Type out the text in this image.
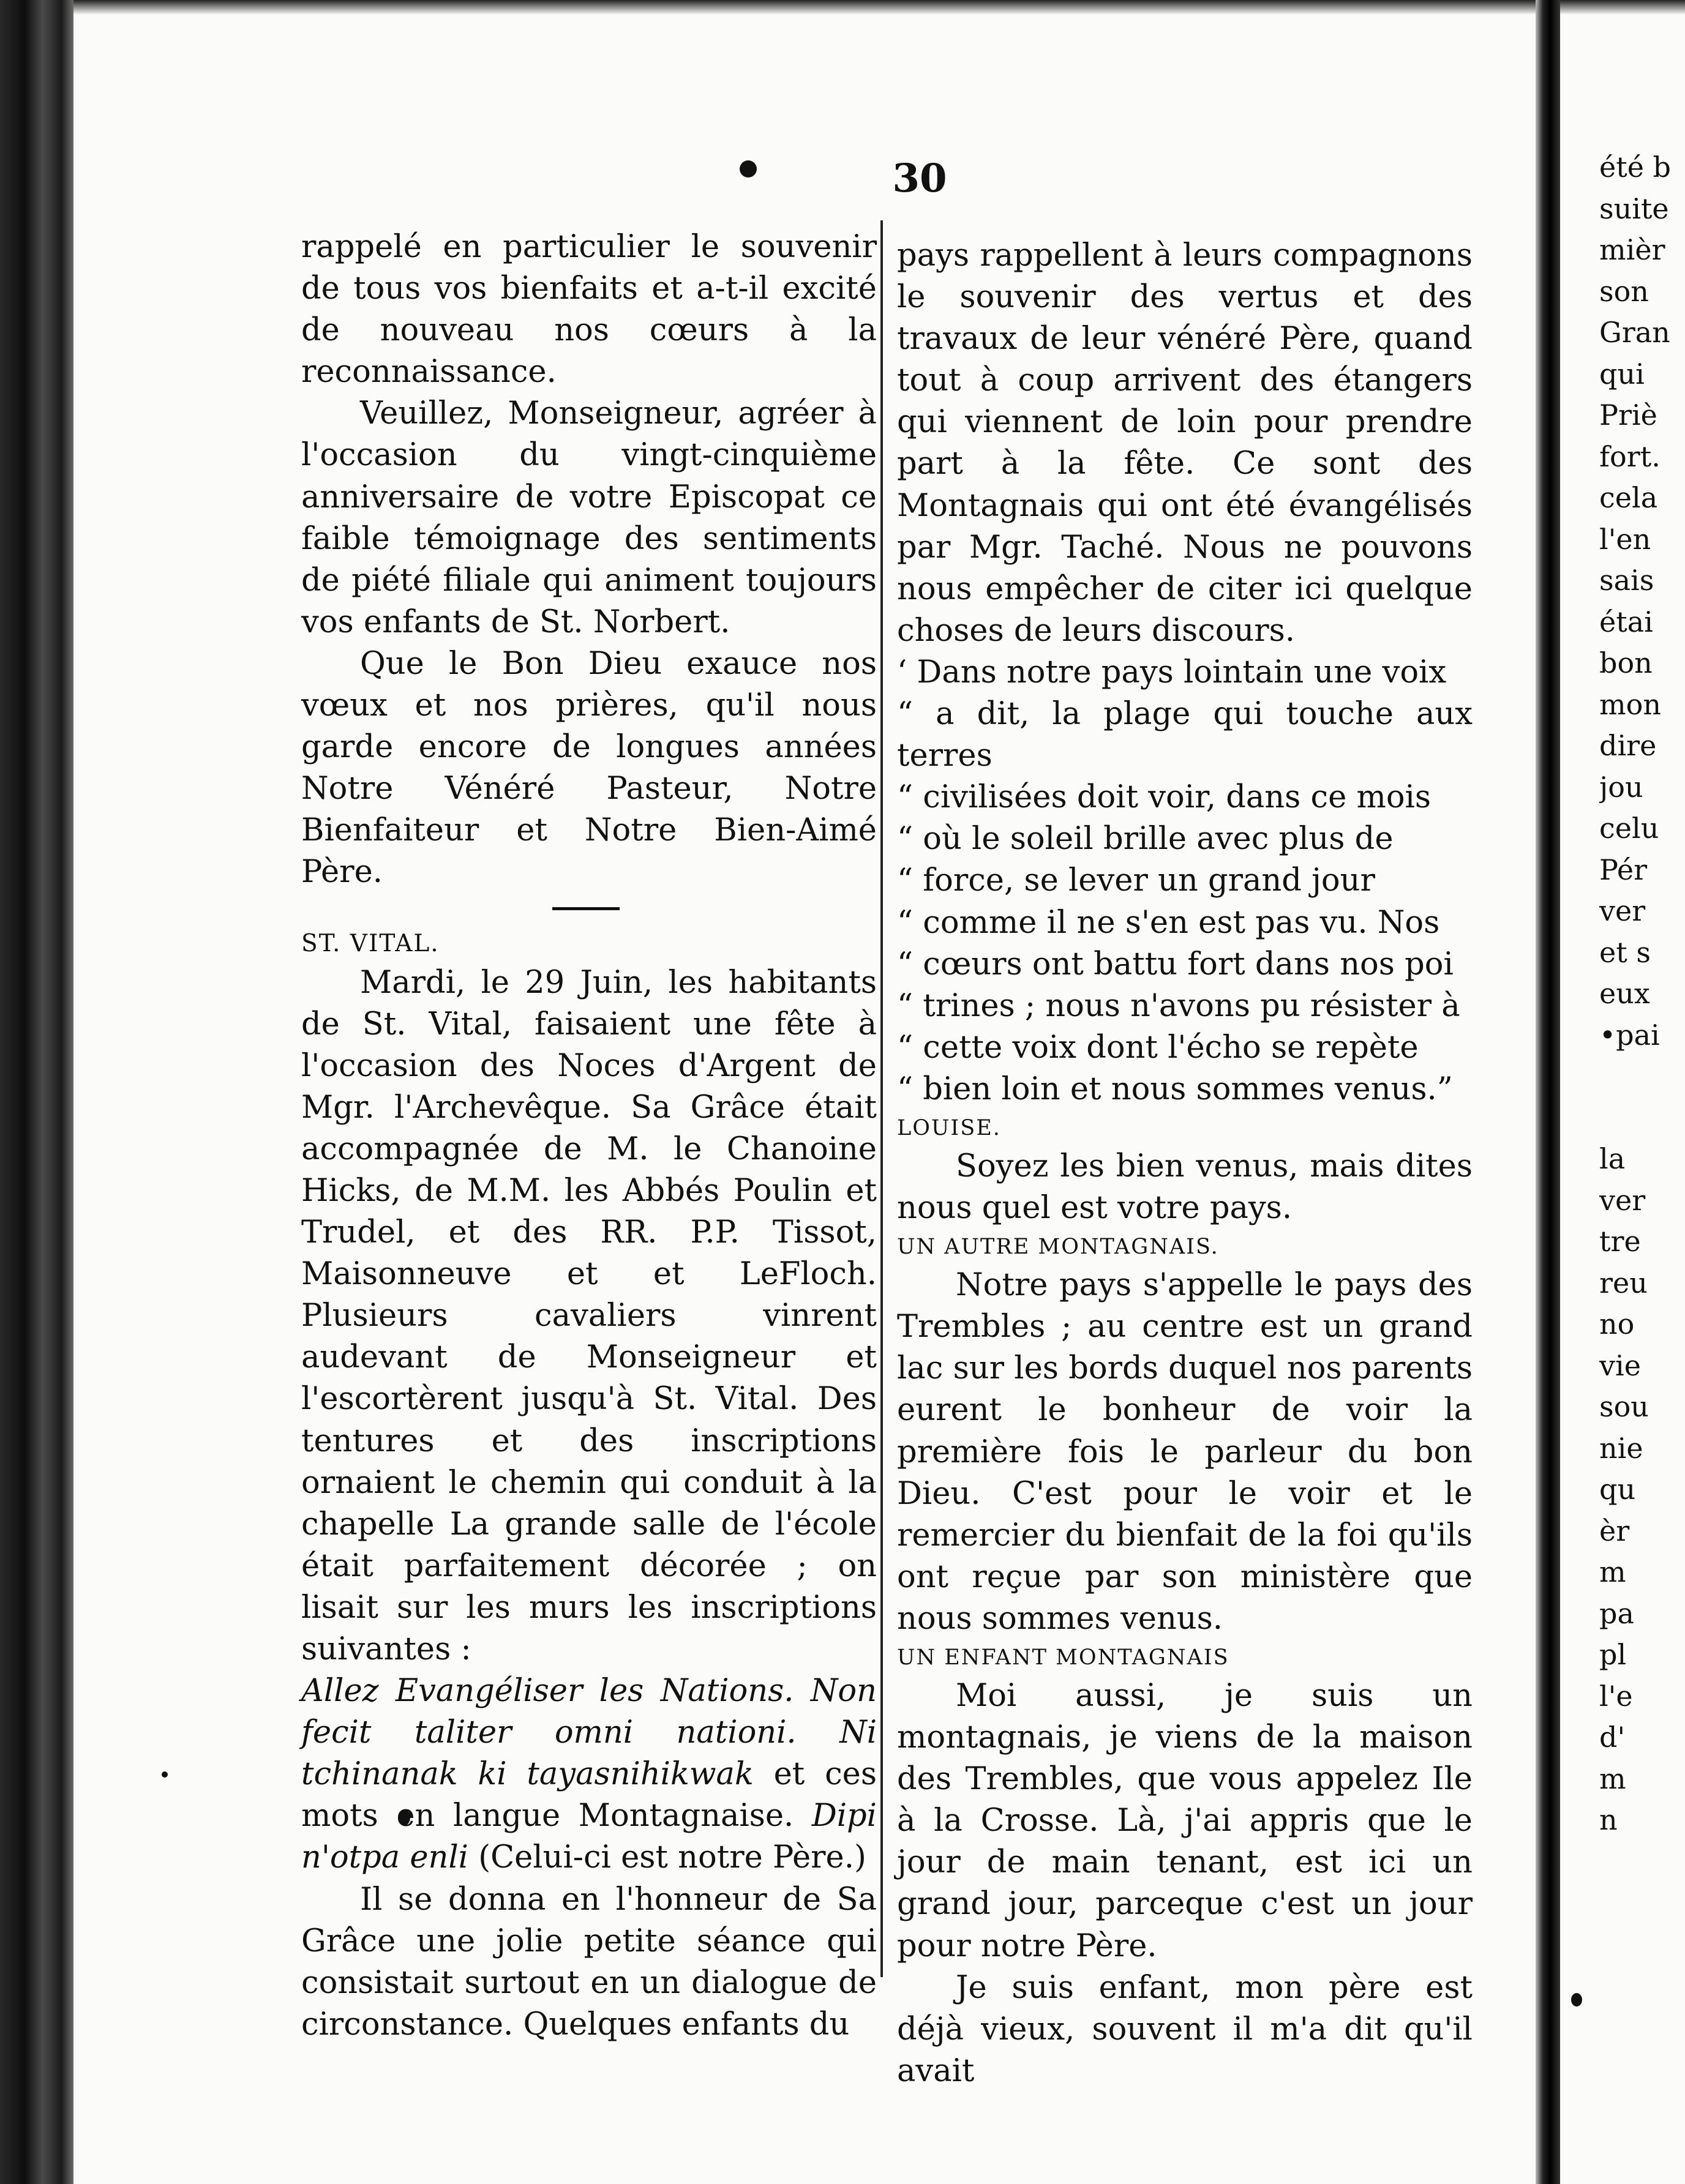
30

rappelé en particulier le souvenir de tous vos bienfaits et a-t-il excité de nouveau nos cœurs à la reconnaissance.

Veuillez, Monseigneur, agréer à l'occasion du vingt-cinquième anniversaire de votre Episcopat ce faible témoignage des sentiments de piété filiale qui animent toujours vos enfants de St. Norbert.

Que le Bon Dieu exauce nos vœux et nos prières, qu'il nous garde encore de longues années Notre Vénéré Pasteur, Notre Bienfaiteur et Notre Bien-Aimé Père.

ST. VITAL.

Mardi, le 29 Juin, les habitants de St. Vital, faisaient une fête à l'occasion des Noces d'Argent de Mgr. l'Archevêque. Sa Grâce était accompagnée de M. le Chanoine Hicks, de M.M. les Abbés Poulin et Trudel, et des RR. P.P. Tissot, Maisonneuve et et LeFloch. Plusieurs cavaliers vinrent audevant de Monseigneur et l'escortèrent jusqu'à St. Vital. Des tentures et des inscriptions ornaient le chemin qui conduit à la chapelle La grande salle de l'école était parfaitement décorée ; on lisait sur les murs les inscriptions suivantes :

Allez Evangéliser les Nations. Non fecit taliter omni nationi. Ni tchinanak ki tayasnihikwak et ces mots en langue Montagnaise. Dipi n'otpa enli (Celui-ci est notre Père.)

Il se donna en l'honneur de Sa Grâce une jolie petite séance qui consistait surtout en un dialogue de circonstance. Quelques enfants du

pays rappellent à leurs compagnons le souvenir des vertus et des travaux de leur vénéré Père, quand tout à coup arrivent des étangers qui viennent de loin pour prendre part à la fête. Ce sont des Montagnais qui ont été évangélisés par Mgr. Taché. Nous ne pouvons nous empêcher de citer ici quelque choses de leurs discours.

‘ Dans notre pays lointain une voix

“ a dit, la plage qui touche aux terres

“ civilisées doit voir, dans ce mois

“ où le soleil brille avec plus de

“ force, se lever un grand jour

“ comme il ne s'en est pas vu. Nos

“ cœurs ont battu fort dans nos poi

“ trines ; nous n'avons pu résister à

“ cette voix dont l'écho se repète

“ bien loin et nous sommes venus.”

LOUISE.

Soyez les bien venus, mais dites nous quel est votre pays.

UN AUTRE MONTAGNAIS.

Notre pays s'appelle le pays des Trembles ; au centre est un grand lac sur les bords duquel nos parents eurent le bonheur de voir la première fois le parleur du bon Dieu. C'est pour le voir et le remercier du bienfait de la foi qu'ils ont reçue par son ministère que nous sommes venus.

UN ENFANT MONTAGNAIS

Moi aussi, je suis un montagnais, je viens de la maison des Trembles, que vous appelez Ile à la Crosse. Là, j'ai appris que le jour de main tenant, est ici un grand jour, parceque c'est un jour pour notre Père.

Je suis enfant, mon père est déjà vieux, souvent il m'a dit qu'il avait

été b
suite
mièr
son
Gran
qui
Priè
fort.
cela
l'en
sais
étai
bon
mon
dire
jou
celu
Pér
ver
et s
eux
•pai
la
ver
tre
reu
no
vie
sou
nie
qu
èr
m
pa
pl
l'e
d'
m
n
